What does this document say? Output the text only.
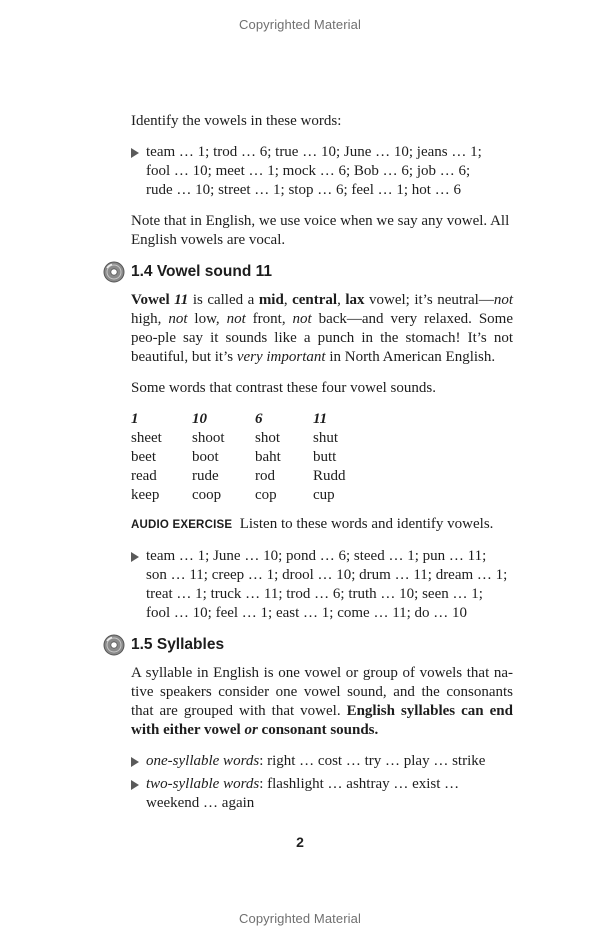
Copyrighted Material

Identify the vowels in these words:

team … 1; trod … 6; true … 10; June … 10; jeans … 1;
fool … 10; meet … 1; mock … 6; Bob … 6; job … 6;
rude … 10; street … 1; stop … 6; feel … 1; hot … 6

Note that in English, we use voice when we say any vowel. All
English vowels are vocal.

1.4 Vowel sound 11

Vowel 11 is called a mid, central, lax vowel; it’s neutral—not high, not low, not front, not back—and very relaxed. Some peo-ple say it sounds like a punch in the stomach! It’s not beautiful, but it’s very important in North American English.

Some words that contrast these four vowel sounds.

1	10	6	11
sheet	shoot	shot	shut
beet	boot	baht	butt
read	rude	rod	Rudd
keep	coop	cop	cup

AUDIO EXERCISE Listen to these words and identify vowels.

team … 1; June … 10; pond … 6; steed … 1; pun … 11;
son … 11; creep … 1; drool … 10; drum … 11; dream … 1;
treat … 1; truck … 11; trod … 6; truth … 10; seen … 1;
fool … 10; feel … 1; east … 1; come … 11; do … 10
1.5 Syllables

A syllable in English is one vowel or group of vowels that na-tive speakers consider one vowel sound, and the consonants that are grouped with that vowel. English syllables can end with either vowel or consonant sounds.

one-syllable words: right … cost … try … play … strike
two-syllable words: flashlight … ashtray … exist …
weekend … again
2
Copyrighted Material
